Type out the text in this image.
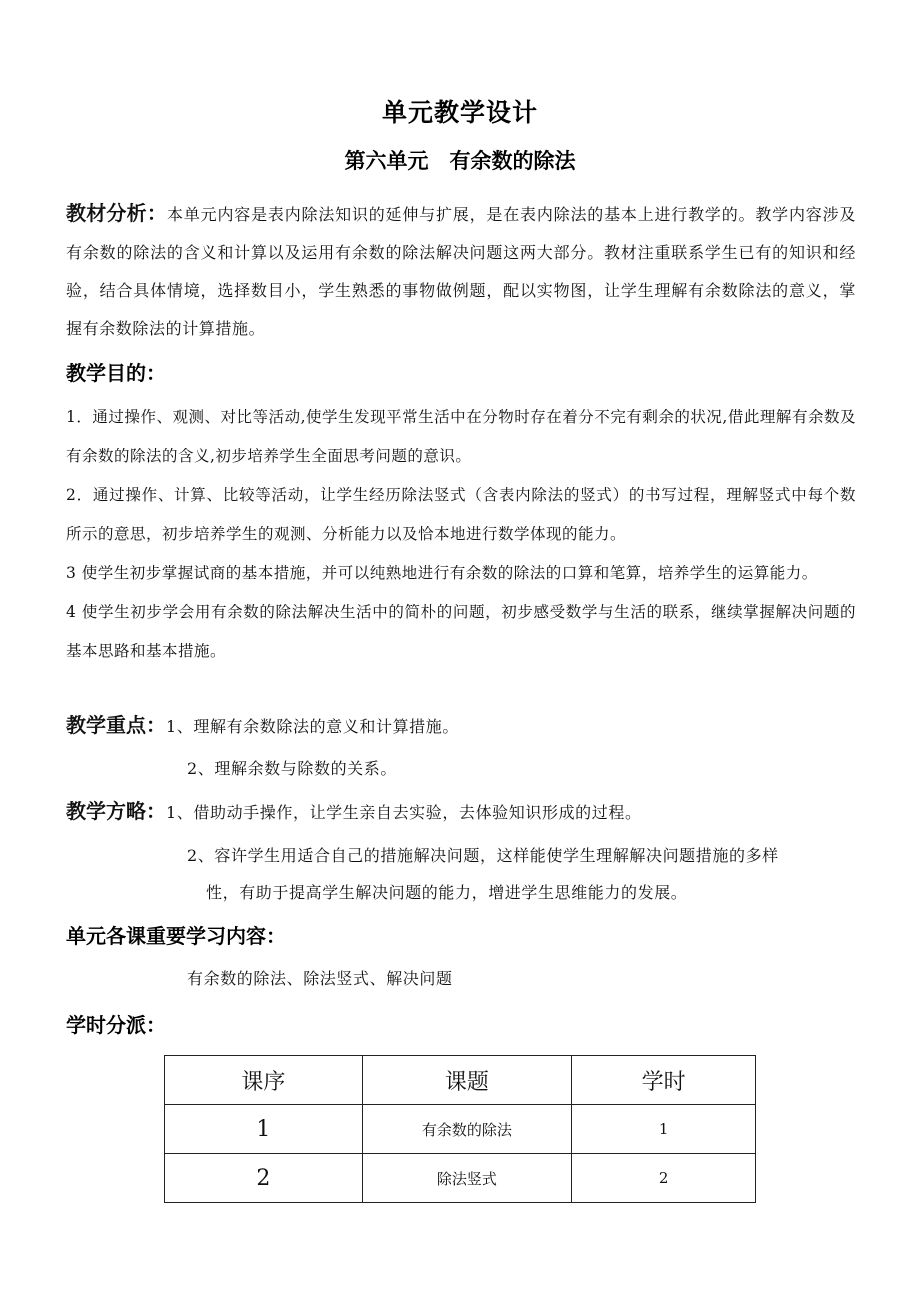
单元教学设计
第六单元　有余数的除法
教材分析：本单元内容是表内除法知识的延伸与扩展，是在表内除法的基本上进行教学的。教学内容涉及有余数的除法的含义和计算以及运用有余数的除法解决问题这两大部分。教材注重联系学生已有的知识和经验，结合具体情境，选择数目小，学生熟悉的事物做例题，配以实物图，让学生理解有余数除法的意义，掌握有余数除法的计算措施。
教学目的：
1．通过操作、观测、对比等活动,使学生发现平常生活中在分物时存在着分不完有剩余的状况,借此理解有余数及有余数的除法的含义,初步培养学生全面思考问题的意识。
2．通过操作、计算、比较等活动，让学生经历除法竖式（含表内除法的竖式）的书写过程，理解竖式中每个数所示的意思，初步培养学生的观测、分析能力以及恰本地进行数学体现的能力。
3 使学生初步掌握试商的基本措施，并可以纯熟地进行有余数的除法的口算和笔算，培养学生的运算能力。
4 使学生初步学会用有余数的除法解决生活中的简朴的问题，初步感受数学与生活的联系，继续掌握解决问题的基本思路和基本措施。
教学重点：1、理解有余数除法的意义和计算措施。
2、理解余数与除数的关系。
教学方略：1、借助动手操作，让学生亲自去实验，去体验知识形成的过程。
2、容许学生用适合自己的措施解决问题，这样能使学生理解解决问题措施的多样
性，有助于提高学生解决问题的能力，增进学生思维能力的发展。
单元各课重要学习内容：
有余数的除法、除法竖式、解决问题
学时分派：
课序	课题	学时
1	有余数的除法	1
2	除法竖式	2
